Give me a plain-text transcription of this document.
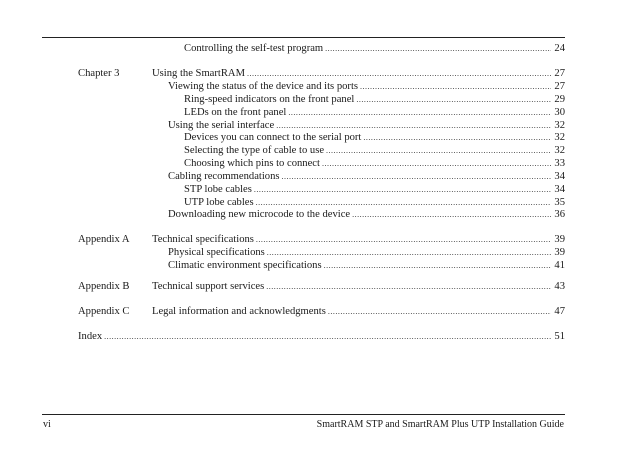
Controlling the self-test program .....	24
Chapter 3	Using the SmartRAM .....	27
Viewing the status of the device and its ports .....	27
Ring-speed indicators on the front panel .....	29
LEDs on the front panel .....	30
Using the serial interface .....	32
Devices you can connect to the serial port .....	32
Selecting the type of cable to use .....	32
Choosing which pins to connect .....	33
Cabling recommendations .....	34
STP lobe cables .....	34
UTP lobe cables .....	35
Downloading new microcode to the device .....	36
Appendix A Technical specifications .....	39
Physical specifications .....	39
Climatic environment specifications .....	41
Appendix B Technical support services .....	43
Appendix C Legal information and acknowledgments .....	47
Index .....	51
vi	SmartRAM STP and SmartRAM Plus UTP Installation Guide
